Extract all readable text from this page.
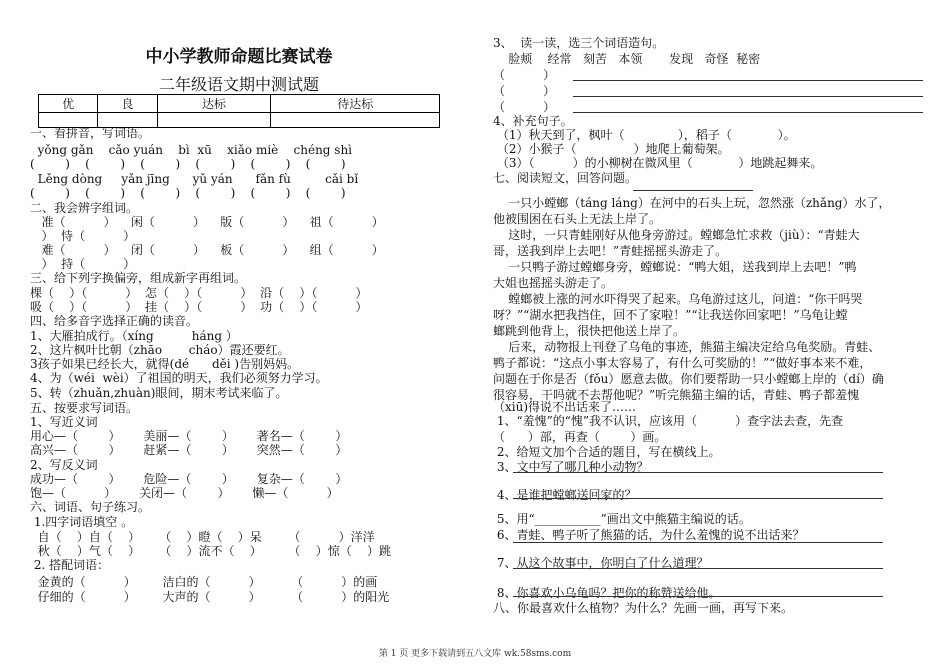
中小学教师命题比赛试卷
二年级语文期中测试题
优	良	达标	待达标

一、看拼音，写词语。
yǒng gǎn    cǎo yuán    bì  xū    xiǎo miè    chéng shì
(        )    (        )    (        )    (        )    (        )    (        )
Lěng dòng     yǎn jīng      yǔ yán      fǎn fù         cǎi bǐ
(        )    (        )    (        )    (        )    (        )    (        )
二、我会辨字组词。
准（          ）    闲（          ）    版（          ）    祖（          ）
）  恃（          ）
难（          ）    闭（          ）    板（          ）    组（          ）
）  持（          ）
三、给下列字换偏旁，组成新字再组词。
棵（    ）（          ）  怎（    ）（          ）  沿（    ）（          ）
吸（    ）（          ）  挂（    ）（          ）  功（    ）（          ）
四、给多音字选择正确的读音。
1、大雁拍成行。（xíng          háng ）
2、这片枫叶比朝（zhāo       cháo）霞还要红。
3孩子如果已经长大，就得(dé      děi )告别妈妈。
4、为（wéi  wèi）了祖国的明天，我们必须努力学习。
5、转（zhuǎn,zhuàn)眼间，期末考试来临了。
五、按要求写词语。
1、写近义词
用心—（        ）      美丽—（        ）      著名—（        ）
高兴—（        ）      赶紧—（        ）      突然—（        ）
2、写反义词
成功—（        ）      危险—（        ）      复杂—（        ）
饱—（          ）      关闭—（        ）      懒—（          ）
六、词语、句子练习。
1.四字词语填空 。
自（    ）自（    ）     （    ）瞪（    ）呆       （          ）洋洋
秋（    ）气（    ）     （    ）流不（    ）       （    ）惊（    ）跳
2. 搭配词语：
金黄的（          ）       洁白的（          ）        （          ）的画
仔细的（          ）       大声的（          ）        （          ）的阳光
3、  读一读，选三个词语造句。
脸颊    经常   刻苦   本领       发现   奇怪  秘密
（          ）
（          ）
（          ）
4、补充句子。
（1）秋天到了，枫叶（              ），稻子（            ）。
（2）小猴子（               ）地爬上葡萄架。
（3）（          ）的小柳树在微风里（            ）地跳起舞来。
七、阅读短文，回答问题。
一只小螳螂（táng láng）在河中的石头上玩，忽然涨（zhǎng）水了，
他被围困在石头上无法上岸了。
这时，一只青蛙刚好从他身旁游过。螳螂急忙求救（jiù）：“青蛙大
哥，送我到岸上去吧！”青蛙摇摇头游走了。
一只鸭子游过螳螂身旁，螳螂说：“鸭大姐，送我到岸上去吧！”鸭
大姐也摇摇头游走了。
螳螂被上涨的河水吓得哭了起来。乌龟游过这儿，问道：“你干吗哭
呀？”“湖水把我挡住，回不了家啦！”“让我送你回家吧！”乌龟让螳
螂跳到他背上，很快把他送上岸了。
后来，动物报上刊登了乌龟的事迹，熊猫主编决定给乌龟奖励。青蛙、
鸭子都说：“这点小事太容易了，有什么可奖励的！”“做好事本来不难，
问题在于你是否（fǒu）愿意去做。你们要帮助一只小螳螂上岸的（dí）确
很容易，干吗就不去帮他呢？”听完熊猫主编的话，青蛙、鸭子都羞愧
（xiū)得说不出话来了……
1、“羞愧”的“愧”我不认识，应该用（          ）查字法去查，先查
（      ）部，再查（        ）画。
2、给短文加个合适的题目，写在横线上。
3、文中写了哪几种小动物？
4、是谁把螳螂送回家的？
5、用“___________”画出文中熊猫主编说的话。
6、青蛙、鸭子听了熊猫的话，为什么羞愧的说不出话来？
7、从这个故事中，你明白了什么道理？
8、你喜欢小乌龟吗？把你的称赞送给他。
八、你最喜欢什么植物？为什么？先画一画，再写下来。
第 1 页 更多下载请到五八文库 wk.58sms.com
